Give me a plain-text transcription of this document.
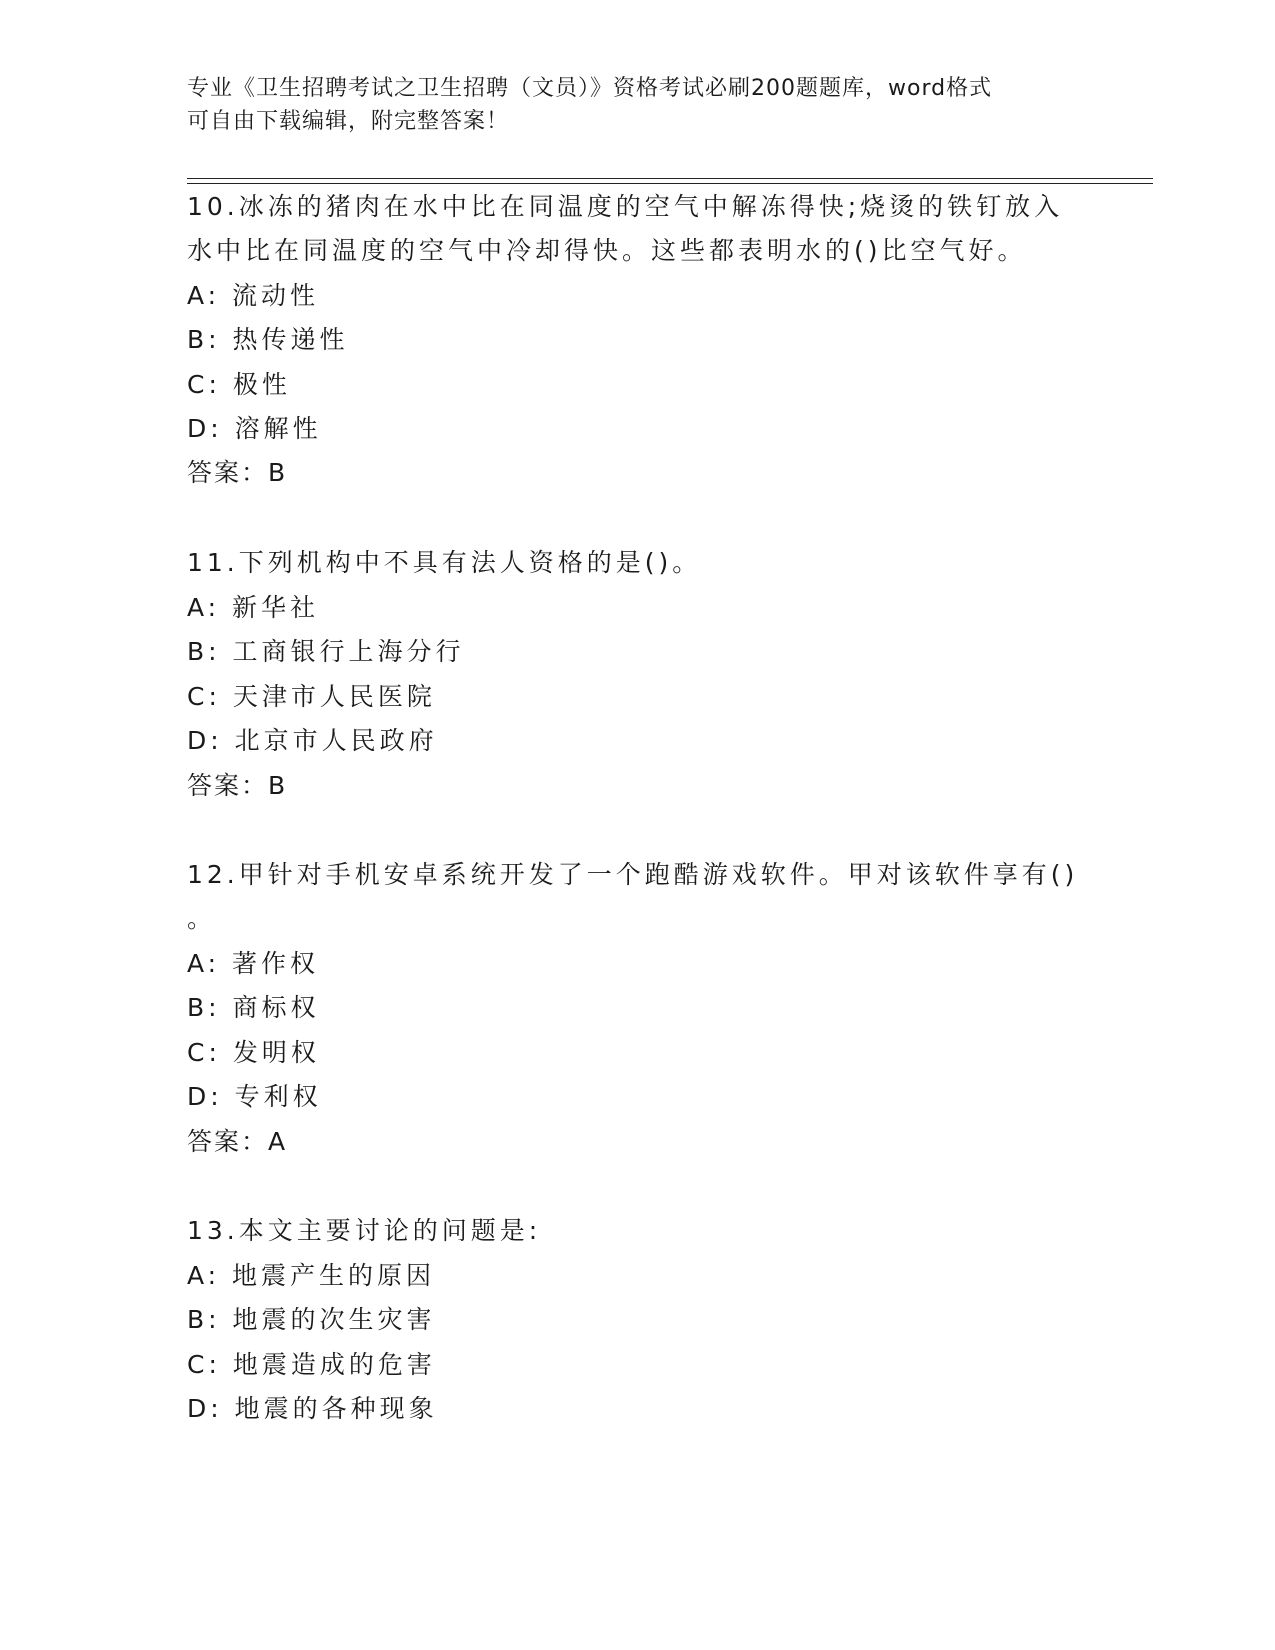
专业《卫生招聘考试之卫生招聘（文员）》资格考试必刷200题题库，word格式
可自由下载编辑，附完整答案！
10.冰冻的猪肉在水中比在同温度的空气中解冻得快;烧烫的铁钉放入
水中比在同温度的空气中冷却得快。这些都表明水的()比空气好。
A: 流动性
B: 热传递性
C: 极性
D: 溶解性
答案：B
11.下列机构中不具有法人资格的是()。
A: 新华社
B: 工商银行上海分行
C: 天津市人民医院
D: 北京市人民政府
答案：B
12.甲针对手机安卓系统开发了一个跑酷游戏软件。甲对该软件享有()
。
A: 著作权
B: 商标权
C: 发明权
D: 专利权
答案：A
13.本文主要讨论的问题是:
A: 地震产生的原因
B: 地震的次生灾害
C: 地震造成的危害
D: 地震的各种现象
